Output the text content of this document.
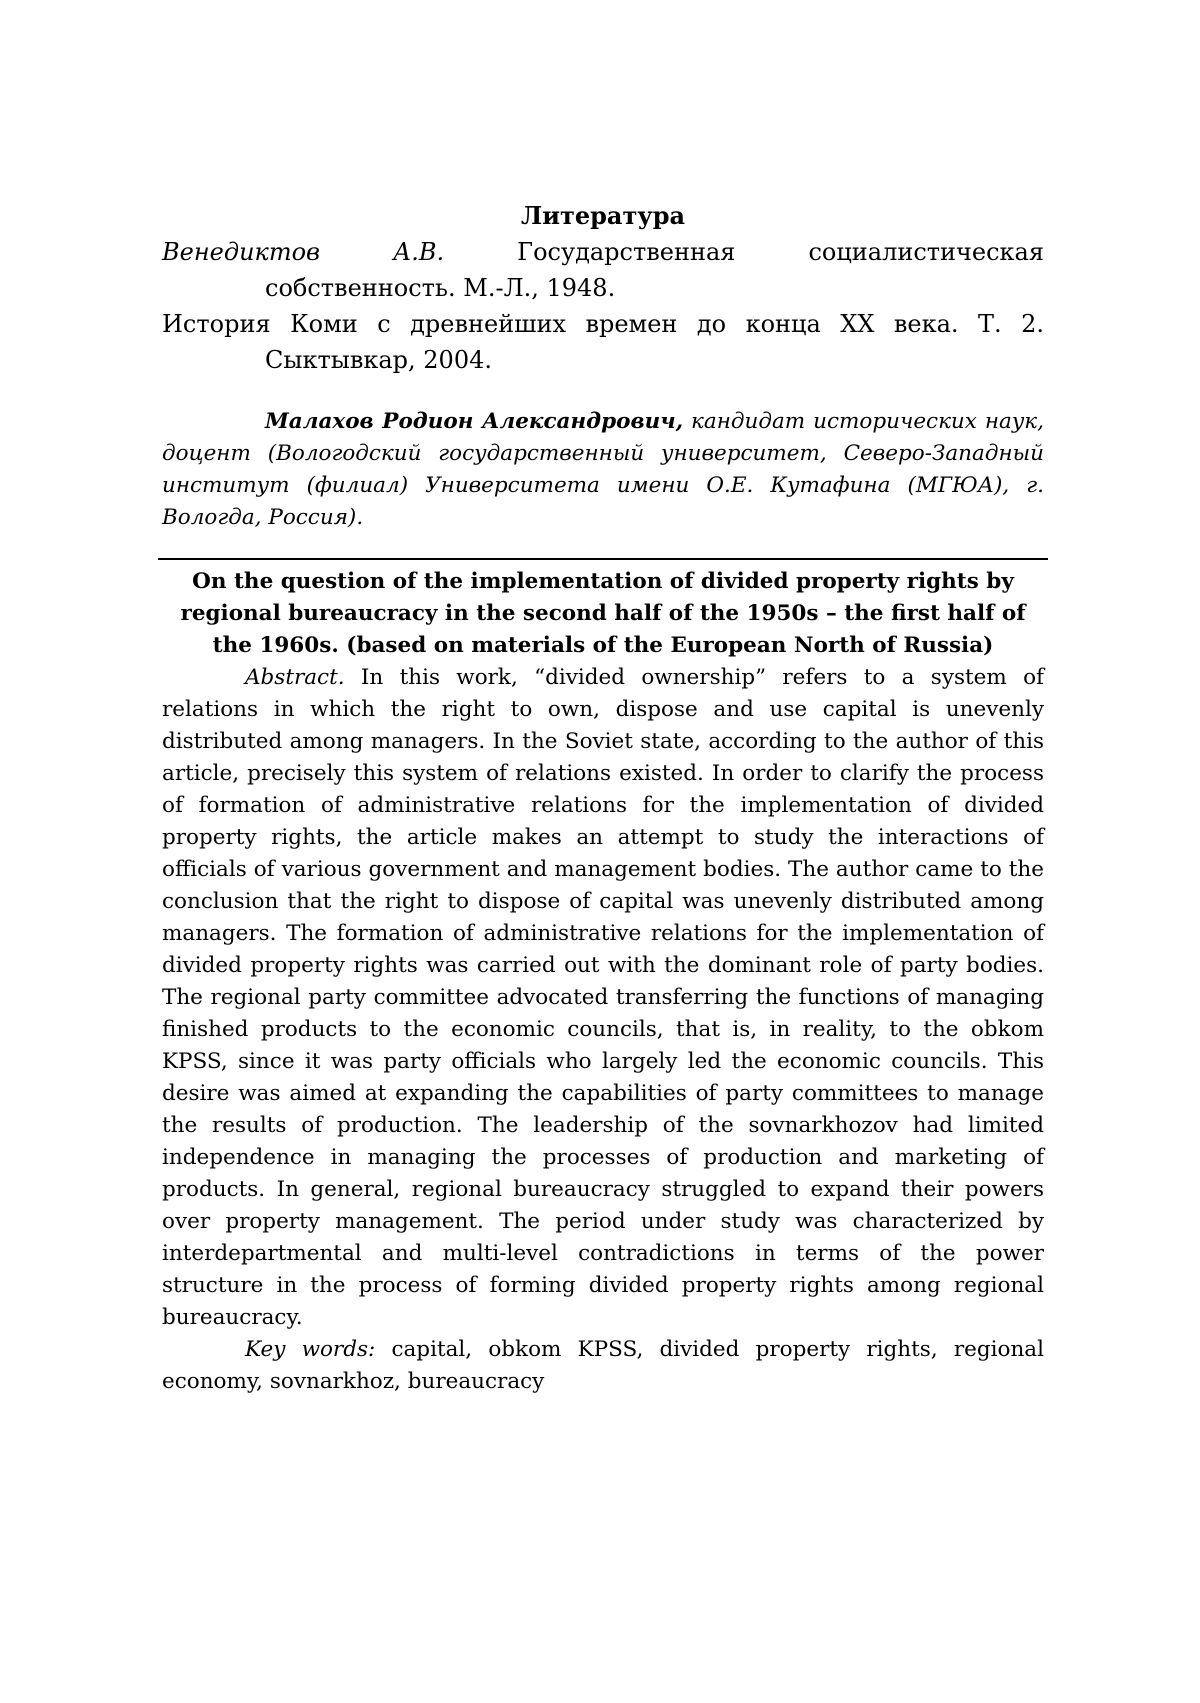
Литература

Венедиктов А.В. Государственная социалистическая собственность. М.-Л., 1948.

История Коми с древнейших времен до конца XX века. Т. 2. Сыктывкар, 2004.

Малахов Родион Александрович, кандидат исторических наук, доцент (Вологодский государственный университет, Северо-Западный институт (филиал) Университета имени О.Е. Кутафина (МГЮА), г. Вологда, Россия).
On the question of the implementation of divided property rights by regional bureaucracy in the second half of the 1950s – the first half of the 1960s. (based on materials of the European North of Russia)

Abstract. In this work, “divided ownership” refers to a system of relations in which the right to own, dispose and use capital is unevenly distributed among managers. In the Soviet state, according to the author of this article, precisely this system of relations existed. In order to clarify the process of formation of administrative relations for the implementation of divided property rights, the article makes an attempt to study the interactions of officials of various government and management bodies. The author came to the conclusion that the right to dispose of capital was unevenly distributed among managers. The formation of administrative relations for the implementation of divided property rights was carried out with the dominant role of party bodies. The regional party committee advocated transferring the functions of managing finished products to the economic councils, that is, in reality, to the obkom KPSS, since it was party officials who largely led the economic councils. This desire was aimed at expanding the capabilities of party committees to manage the results of production. The leadership of the sovnarkhozov had limited independence in managing the processes of production and marketing of products. In general, regional bureaucracy struggled to expand their powers over property management. The period under study was characterized by interdepartmental and multi-level contradictions in terms of the power structure in the process of forming divided property rights among regional bureaucracy.

Key words: capital, obkom KPSS, divided property rights, regional economy, sovnarkhoz, bureaucracy
